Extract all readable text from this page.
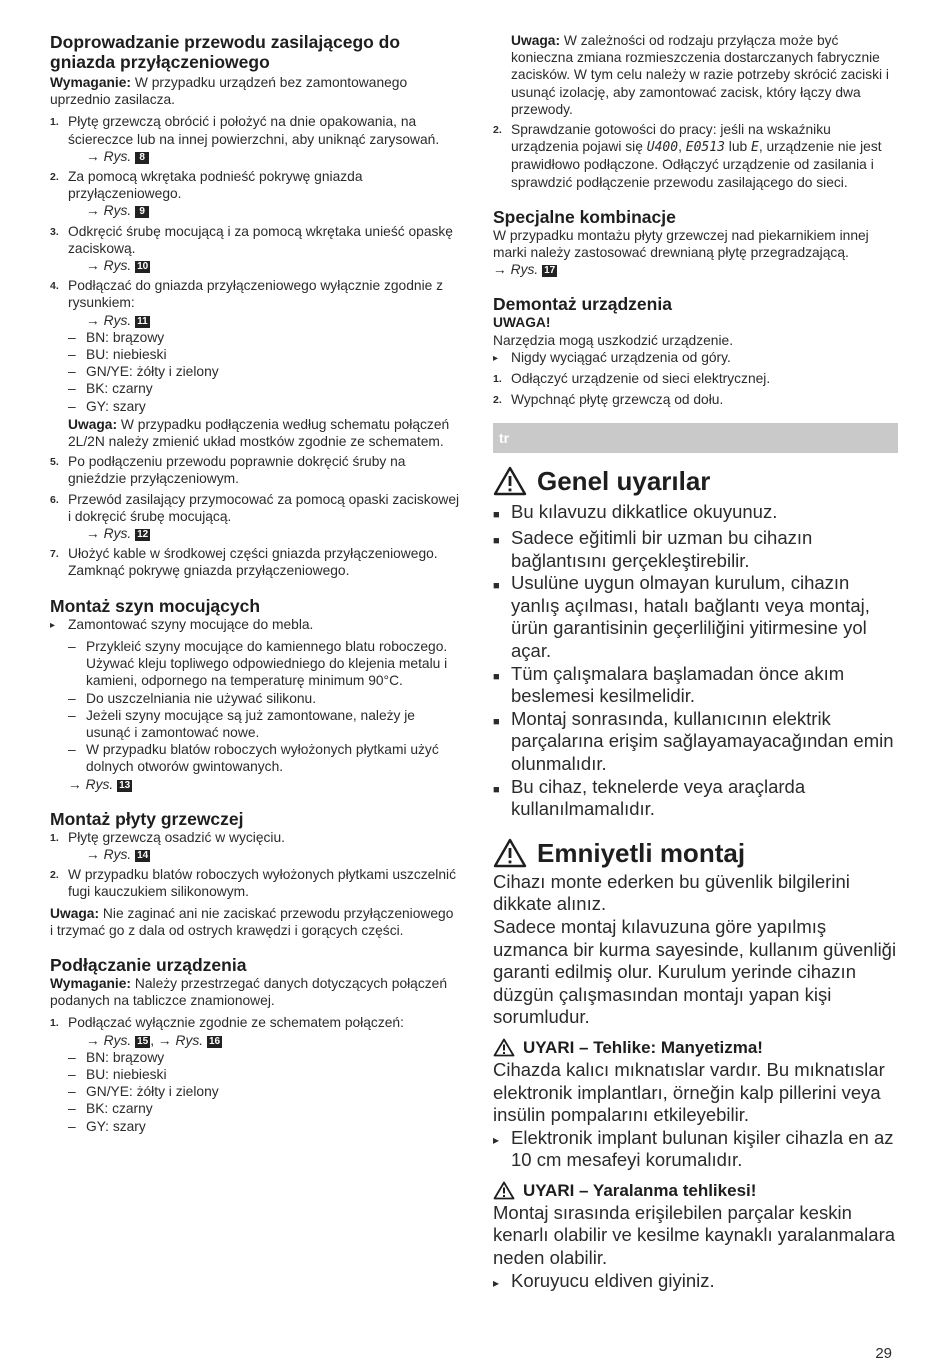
Doprowadzanie przewodu zasilającego do gniazda przyłączeniowego

Wymaganie: W przypadku urządzeń bez zamontowanego uprzednio zasilacza.

1. Płytę grzewczą obrócić i położyć na dnie opakowania, na ściereczce lub na innej powierzchni, aby uniknąć zarysowań.
→ Rys. 8
2. Za pomocą wkrętaka podnieść pokrywę gniazda przyłączeniowego.
→ Rys. 9
3. Odkręcić śrubę mocującą i za pomocą wkrętaka unieść opaskę zaciskową.
→ Rys. 10
4. Podłączać do gniazda przyłączeniowego wyłącznie zgodnie z rysunkiem:
→ Rys. 11
– BN: brązowy
– BU: niebieski
– GN/YE: żółty i zielony
– BK: czarny
– GY: szary

Uwaga: W przypadku podłączenia według schematu połączeń 2L/2N należy zmienić układ mostków zgodnie ze schematem.

5. Po podłączeniu przewodu poprawnie dokręcić śruby na gnieździe przyłączeniowym.
6. Przewód zasilający przymocować za pomocą opaski zaciskowej i dokręcić śrubę mocującą.
→ Rys. 12
7. Ułożyć kable w środkowej części gniazda przyłączeniowego. Zamknąć pokrywę gniazda przyłączeniowego.
Montaż szyn mocujących
▸ Zamontować szyny mocujące do mebla.
– Przykleić szyny mocujące do kamiennego blatu roboczego. Używać kleju topliwego odpowiedniego do klejenia metalu i kamieni, odpornego na temperaturę minimum 90°C.
– Do uszczelniania nie używać silikonu.
– Jeżeli szyny mocujące są już zamontowane, należy je usunąć i zamontować nowe.
– W przypadku blatów roboczych wyłożonych płytkami użyć dolnych otworów gwintowanych.
→ Rys. 13
Montaż płyty grzewczej
1. Płytę grzewczą osadzić w wycięciu.
→ Rys. 14
2. W przypadku blatów roboczych wyłożonych płytkami uszczelnić fugi kauczukiem silikonowym.

Uwaga: Nie zaginać ani nie zaciskać przewodu przyłączeniowego i trzymać go z dala od ostrych krawędzi i gorących części.

Podłączanie urządzenia

Wymaganie: Należy przestrzegać danych dotyczących połączeń podanych na tabliczce znamionowej.

1. Podłączać wyłącznie zgodnie ze schematem połączeń:
→ Rys. 15 , → Rys. 16
– BN: brązowy
– BU: niebieski
– GN/YE: żółty i zielony
– BK: czarny
– GY: szary

Uwaga: W zależności od rodzaju przyłącza może być konieczna zmiana rozmieszczenia dostarczanych fabrycznie zacisków. W tym celu należy w razie potrzeby skrócić zaciski i usunąć izolację, aby zamontować zacisk, który łączy dwa przewody.

2. Sprawdzanie gotowości do pracy: jeśli na wskaźniku urządzenia pojawi się U400, E0513 lub E, urządzenie nie jest prawidłowo podłączone. Odłączyć urządzenie od zasilania i sprawdzić podłączenie przewodu zasilającego do sieci.
Specjalne kombinacje

W przypadku montażu płyty grzewczej nad piekarnikiem innej marki należy zastosować drewnianą płytę przegradzającą.

→ Rys. 17
Demontaż urządzenia
UWAGA!

Narzędzia mogą uszkodzić urządzenie.

▸ Nigdy wyciągać urządzenia od góry.
1. Odłączyć urządzenie od sieci elektrycznej.
2. Wypchnąć płytę grzewczą od dołu.
tr
Genel uyarılar
■ Bu kılavuzu dikkatlice okuyunuz.
■ Sadece eğitimli bir uzman bu cihazın bağlantısını gerçekleştirebilir.
■ Usulüne uygun olmayan kurulum, cihazın yanlış açılması, hatalı bağlantı veya montaj, ürün garantisinin geçerliliğini yitirmesine yol açar.
■ Tüm çalışmalara başlamadan önce akım beslemesi kesilmelidir.
■ Montaj sonrasında, kullanıcının elektrik parçalarına erişim sağlayamayacağından emin olunmalıdır.
■ Bu cihaz, teknelerde veya araçlarda kullanılmamalıdır.
Emniyetli montaj

Cihazı monte ederken bu güvenlik bilgilerini dikkate alınız.

Sadece montaj kılavuzuna göre yapılmış uzmanca bir kurma sayesinde, kullanım güvenliği garanti edilmiş olur. Kurulum yerinde cihazın düzgün çalışmasından montajı yapan kişi sorumludur.

UYARI – Tehlike: Manyetizma!

Cihazda kalıcı mıknatıslar vardır. Bu mıknatıslar elektronik implantları, örneğin kalp pillerini veya insülin pompalarını etkileyebilir.

▸ Elektronik implant bulunan kişiler cihazla en az 10 cm mesafeyi korumalıdır.
UYARI – Yaralanma tehlikesi!

Montaj sırasında erişilebilen parçalar keskin kenarlı olabilir ve kesilme kaynaklı yaralanmalara neden olabilir.

▸ Koruyucu eldiven giyiniz.
29
